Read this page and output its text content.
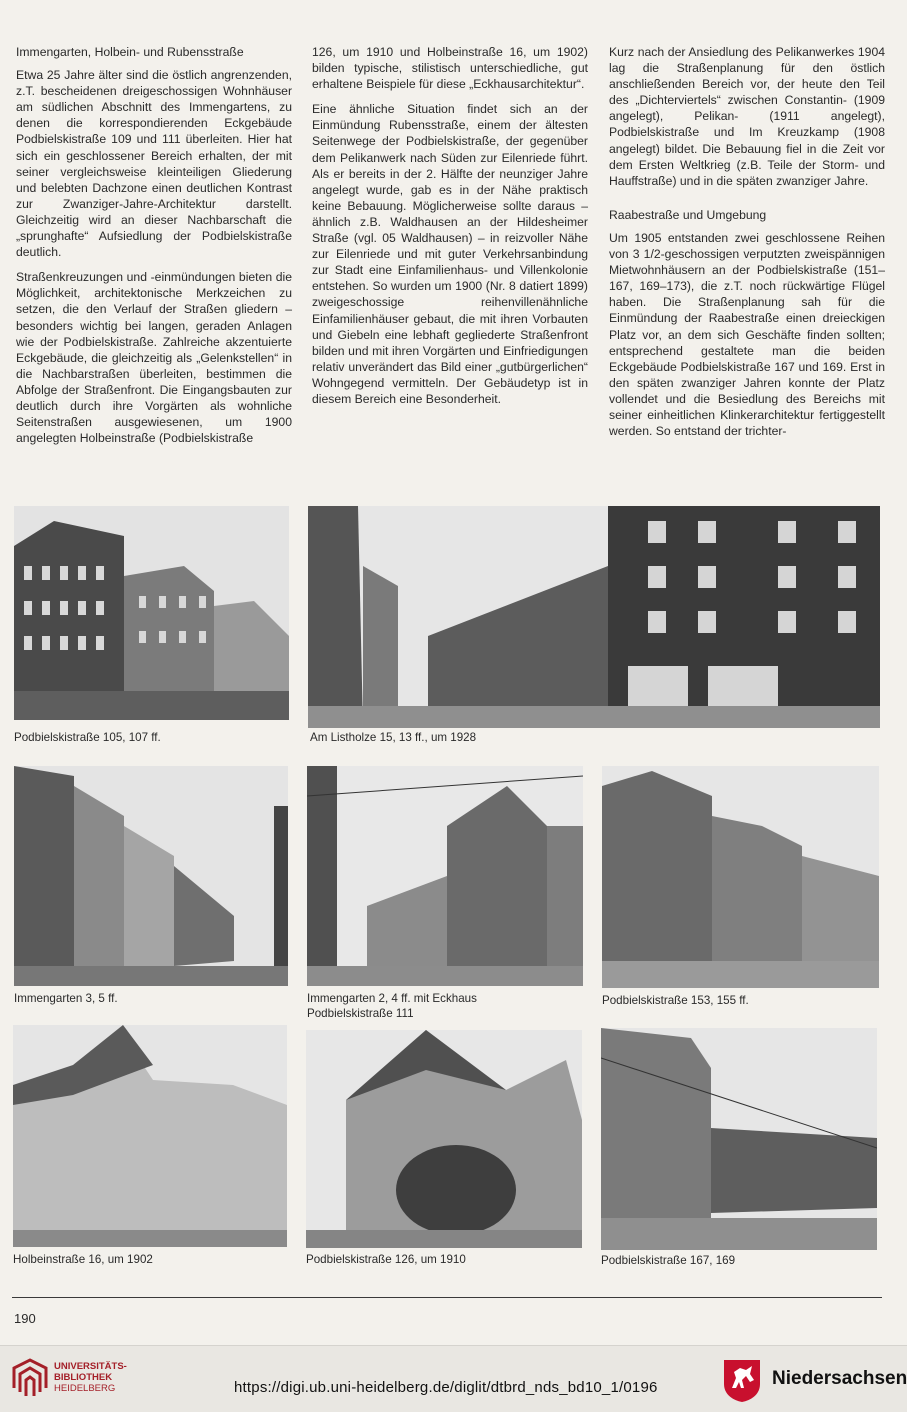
Immengarten, Holbein- und Rubensstraße

Etwa 25 Jahre älter sind die östlich angrenzenden, z.T. bescheidenen dreigeschossigen Wohnhäuser am südlichen Abschnitt des Immengartens, zu denen die korrespondierenden Eckgebäude Podbielskistraße 109 und 111 überleiten. Hier hat sich ein geschlossener Bereich erhalten, der mit seiner vergleichsweise kleinteiligen Gliederung und belebten Dachzone einen deutlichen Kontrast zur Zwanziger-Jahre-Architektur darstellt. Gleichzeitig wird an dieser Nachbarschaft die „sprunghafte“ Aufsiedlung der Podbielskistraße deutlich.

Straßenkreuzungen und -einmündungen bieten die Möglichkeit, architektonische Merkzeichen zu setzen, die den Verlauf der Straßen gliedern – besonders wichtig bei langen, geraden Anlagen wie der Podbielskistraße. Zahlreiche akzentuierte Eckgebäude, die gleichzeitig als „Gelenkstellen“ in die Nachbarstraßen überleiten, bestimmen die Abfolge der Straßenfront. Die Eingangsbauten zur deutlich durch ihre Vorgärten als wohnliche Seitenstraßen ausgewiesenen, um 1900 angelegten Holbeinstraße (Podbielskistraße

126, um 1910 und Holbeinstraße 16, um 1902) bilden typische, stilistisch unterschiedliche, gut erhaltene Beispiele für diese „Eckhausarchitektur“.

Eine ähnliche Situation findet sich an der Einmündung Rubensstraße, einem der ältesten Seitenwege der Podbielskistraße, der gegenüber dem Pelikanwerk nach Süden zur Eilenriede führt. Als er bereits in der 2. Hälfte der neunziger Jahre angelegt wurde, gab es in der Nähe praktisch keine Bebauung. Möglicherweise sollte daraus – ähnlich z.B. Waldhausen an der Hildesheimer Straße (vgl. 05 Waldhausen) – in reizvoller Nähe zur Eilenriede und mit guter Verkehrsanbindung zur Stadt eine Einfamilienhaus- und Villenkolonie entstehen. So wurden um 1900 (Nr. 8 datiert 1899) zweigeschossige reihenvillenähnliche Einfamilienhäuser gebaut, die mit ihren Vorbauten und Giebeln eine lebhaft gegliederte Straßenfront bilden und mit ihren Vorgärten und Einfriedigungen relativ unverändert das Bild einer „gutbürgerlichen“ Wohngegend vermitteln. Der Gebäudetyp ist in diesem Bereich eine Besonderheit.

Kurz nach der Ansiedlung des Pelikanwerkes 1904 lag die Straßenplanung für den östlich anschließenden Bereich vor, der heute den Teil des „Dichterviertels“ zwischen Constantin- (1909 angelegt), Pelikan- (1911 angelegt), Podbielskistraße und Im Kreuzkamp (1908 angelegt) bildet. Die Bebauung fiel in die Zeit vor dem Ersten Weltkrieg (z.B. Teile der Storm- und Hauffstraße) und in die späten zwanziger Jahre.

Raabestraße und Umgebung

Um 1905 entstanden zwei geschlossene Reihen von 3 1/2-geschossigen verputzten zweispännigen Mietwohnhäusern an der Podbielskistraße (151–167, 169–173), die z.T. noch rückwärtige Flügel haben. Die Straßenplanung sah für die Einmündung der Raabestraße einen dreieckigen Platz vor, an dem sich Geschäfte finden sollten; entsprechend gestaltete man die beiden Eckgebäude Podbielskistraße 167 und 169. Erst in den späten zwanziger Jahren konnte der Platz vollendet und die Besiedlung des Bereichs mit seiner einheitlichen Klinkerarchitektur fertiggestellt werden. So entstand der trichter-

Podbielskistraße 105, 107 ff.	Am Listholze 15, 13 ff., um 1928
Immengarten 3, 5 ff.	Immengarten 2, 4 ff. mit Eckhaus
Podbielskistraße 111
Podbielskistraße 153, 155 ff.
Holbeinstraße 16, um 1902	Podbielskistraße 126, um 1910	Podbielskistraße 167, 169
190
UNIVERSITÄTS-
BIBLIOTHEK
HEIDELBERG	https://digi.ub.uni-heidelberg.de/diglit/dtbrd_nds_bd10_1/0196	Niedersachsen
